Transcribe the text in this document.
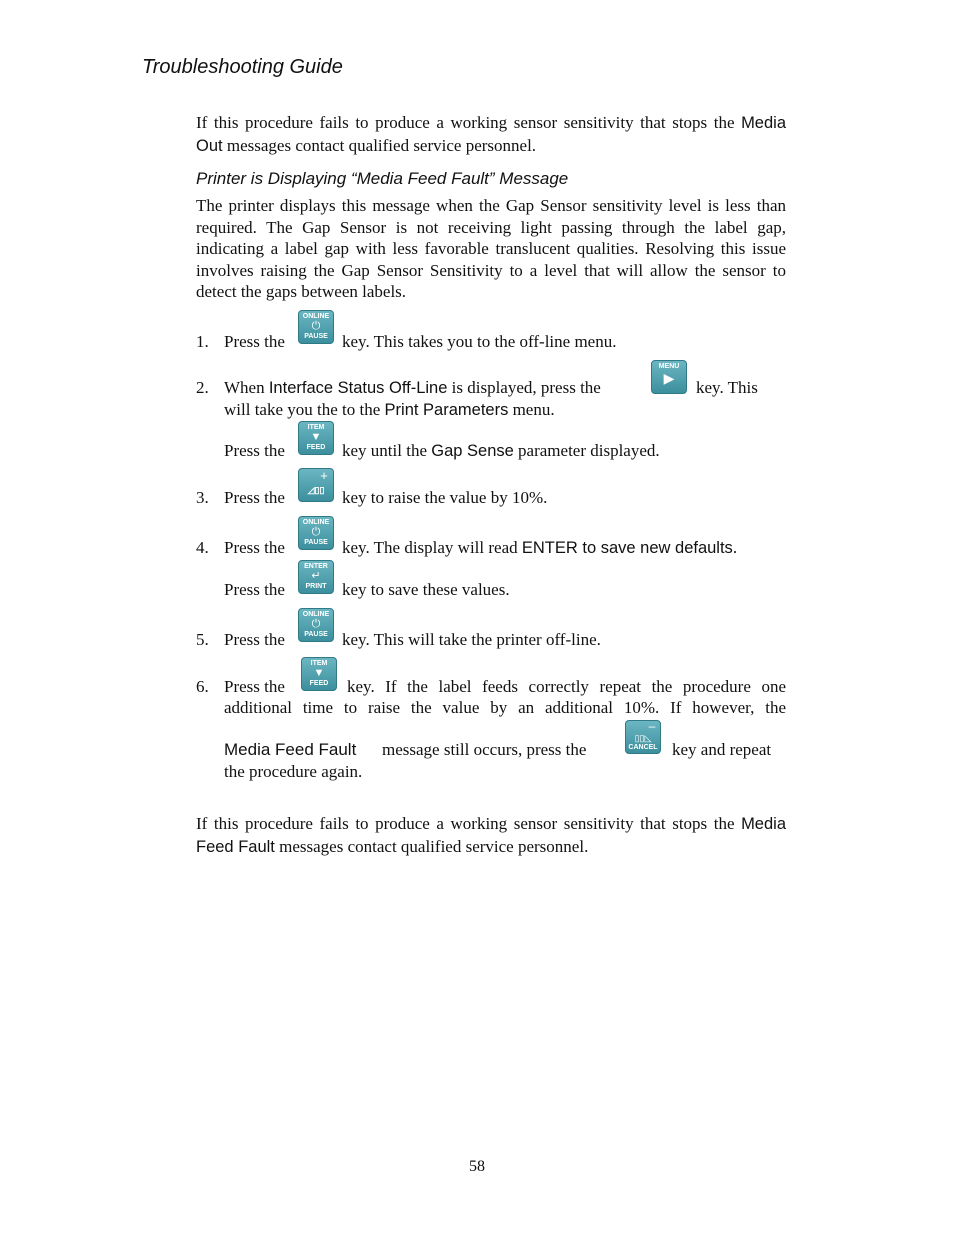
Troubleshooting Guide

If this procedure fails to produce a working sensor sensitivity that stops the Media Out messages contact qualified service personnel.

Printer is Displaying “Media Feed Fault” Message

The printer displays this message when the Gap Sensor sensitivity level is less than required. The Gap Sensor is not receiving light passing through the label gap, indicating a label gap with less favorable translucent qualities. Resolving this issue involves raising the Gap Sensor Sensitivity to a level that will allow the sensor to detect the gaps between labels.

1. Press the
ONLINE
⏻
PAUSE key. This takes you to the off-line menu.
2. When Interface Status Off-Line is displayed, press the
MENU
▶	key. This
will take you the to the Print Parameters menu.
Press the
ITEM
▼
FEED key until the Gap Sense parameter displayed.
3. Press the
+
◿▯▯	key to raise the value by 10%.
4. Press the
ONLINE
⏻
PAUSE key. The display will read ENTER to save new defaults.
Press the
ENTER
↵
PRINT key to save these values.
5. Press the
ONLINE
⏻
PAUSE key. This will take the printer off-line.
6. Press the
ITEM
▼
FEED	key. If the label feeds correctly repeat the procedure one
additional time to raise the value by an additional 10%. If however, the
Media Feed Fault message still occurs, press the
–
▯▯◺
CANCEL key and repeat
the procedure again.

If this procedure fails to produce a working sensor sensitivity that stops the Media Feed Fault messages contact qualified service personnel.

58
